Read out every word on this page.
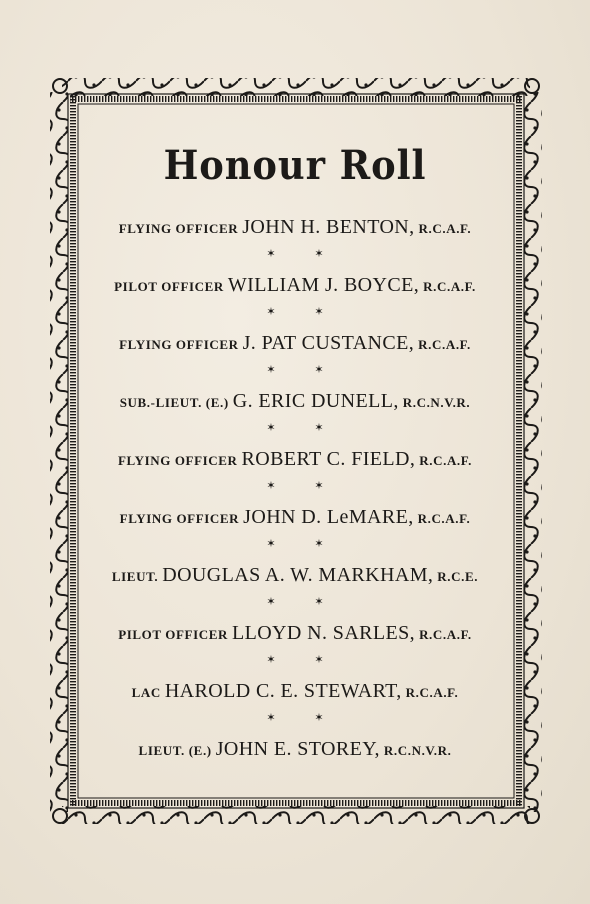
Honour Roll
FLYING OFFICER JOHN H. BENTON, R.C.A.F.
✶ ✶
PILOT OFFICER WILLIAM J. BOYCE, R.C.A.F.
✶ ✶
FLYING OFFICER J. PAT CUSTANCE, R.C.A.F.
✶ ✶
SUB.-LIEUT. (E.) G. ERIC DUNELL, R.C.N.V.R.
✶ ✶
FLYING OFFICER ROBERT C. FIELD, R.C.A.F.
✶ ✶
FLYING OFFICER JOHN D. LeMARE, R.C.A.F.
✶ ✶
LIEUT. DOUGLAS A. W. MARKHAM, R.C.E.
✶ ✶
PILOT OFFICER LLOYD N. SARLES, R.C.A.F.
✶ ✶
LAC HAROLD C. E. STEWART, R.C.A.F.
✶ ✶
LIEUT. (E.) JOHN E. STOREY, R.C.N.V.R.
